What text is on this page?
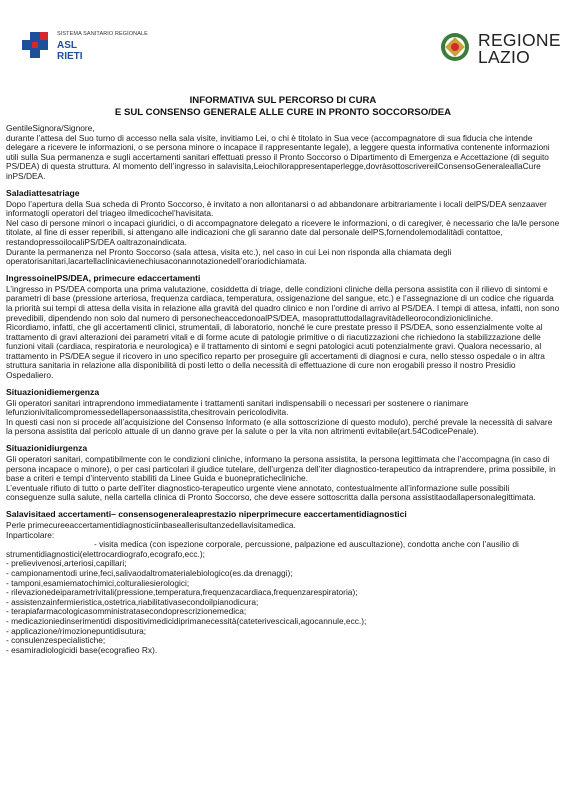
SISTEMA SANITARIO REGIONALE
ASL
RIETI
REGIONE
LAZIO
INFORMATIVA SUL PERCORSO DI CURA
E SUL CONSENSO GENERALE ALLE CURE IN PRONTO SOCCORSO/DEA

GentileSignora/Signore,

durante l’attesa del Suo turno di accesso nella sala visite, invitiamo Lei, o chi è titolato in Sua vece (accompagnatore di sua fiducia che intende delegare a ricevere le informazioni, o se persona minore o incapace il rappresentante legale), a leggere questa informativa contenente informazioni utili sulla Sua permanenza e sugli accertamenti sanitari effettuati presso il Pronto Soccorso o Dipartimento di Emergenza e Accettazione (di seguito PS/DEA) di questa struttura. Al momento dell’ingresso in salavisita,Leiochilorappresentaperlegge,dovràsottoscrivereilConsensoGeneraleallaCure inPS/DEA.

Saladiattesatriage

Dopo l’apertura della Sua scheda di Pronto Soccorso, è invitato a non allontanarsi o ad abbandonare arbitrariamente i locali delPS/DEA senzaaver informatogli operatori del triageo ilmedicochel’havisitata.

Nel caso di persone minori o incapaci giuridici, o di accompagnatore delegato a ricevere le informazioni, o di caregiver, è necessario che la/le persone titolate, al fine di esser reperibili, si attengano alle indicazioni che gli saranno date dal personale delPS,fornendolemodalitàdi contattoe, restandopressoilocaliPS/DEA oaltrazonaindicata.

Durante la permanenza nel Pronto Soccorso (sala attesa, visita etc.), nel caso in cui Lei non risponda alla chiamata degli operatorisanitari,lacartellaclinicavienechiusaconannotazionedell’orariodichiamata.

IngressoinelPS/DEA, primecure edaccertamenti

L’ingresso in PS/DEA comporta una prima valutazione, cosiddetta di triage, delle condizioni cliniche della persona assistita con il rilievo di sintomi e parametri di base (pressione arteriosa, frequenza cardiaca, temperatura, ossigenazione del sangue, etc.) e l’assegnazione di un codice che riguarda la priorità sui tempi di attesa della visita in relazione alla gravità del quadro clinico e non l’ordine di arrivo al PS/DEA. I tempi di attesa, infatti, non sono prevedibili, dipendendo non solo dal numero di personecheaccedonoalPS/DEA, masoprattuttodallagravitàdelleorocondizionicliniche.

Ricordiamo, infatti, che gli accertamenti clinici, strumentali, di laboratorio, nonché le cure prestate presso il PS/DEA, sono essenzialmente volte al trattamento di gravi alterazioni dei parametri vitali e di forme acute di patologie primitive o di riacutizzazioni che richiedono la stabilizzazione delle funzioni vitali (cardiaca, respiratoria e neurologica) e il trattamento di sintomi e segni patologici acuti potenzialmente gravi. Qualora necessario, al trattamento in PS/DEA segue il ricovero in uno specifico reparto per proseguire gli accertamenti di diagnosi e cura, nello stesso ospedale o in altra struttura sanitaria in relazione alla disponibilità di posti letto o della necessità di effettuazione di cure non erogabili presso il nostro Presidio Ospedaliero.

Situazionidiemergenza

Gli operatori sanitari intraprendono immediatamente i trattamenti sanitari indispensabili o necessari per sostenere o rianimare lefunzionivitalicompromessedellapersonaassistita,chesitrovain pericolodivita.

In questi casi non si procede all’acquisizione del Consenso Informato (e alla sottoscrizione di questo modulo), perché prevale la necessità di salvare la persona assistita dal pericolo attuale di un danno grave per la salute o per la vita non altrimenti evitabile(art.54CodicePenale).

Situazionidiurgenza

Gli operatori sanitari, compatibilmente con le condizioni cliniche, informano la persona assistita, la persona legittimata che l’accompagna (in caso di persona incapace o minore), o per casi particolari il giudice tutelare, dell’urgenza dell’iter diagnostico-terapeutico da intraprendere, prima possibile, in base a criteri e tempi d’intervento stabiliti da Linee Guida e buonepratichecliniche.

L’eventuale rifiuto di tutto o parte dell’iter diagnostico-terapeutico urgente viene annotato, contestualmente all’informazione sulle possibili conseguenze sulla salute, nella cartella clinica di Pronto Soccorso, che deve essere sottoscritta dalla persona assistitaodallapersonalegittimata.

Salavisitaed accertamenti– consensogeneraleaprestazio niperprimecure eaccertamentidiagnostici

Perle primecureeaccertamentidiagnosticiinbaseallerisultanzedellavisitamedica.

Inparticolare:

- visita medica (con ispezione corporale, percussione, palpazione ed auscultazione), condotta anche con l’ausilio di

strumentidiagnostici(elettrocardiografo,ecografo,ecc.);

- prelievivenosi,arteriosi,capillari;
- campionamentodi urine,feci,salivaodaltromaterialebiologico(es.da drenaggi);
- tamponi,esamiematochimici,colturaliesierologici;
- rilevazionedeiparametrivitali(pressione,temperatura,frequenzacardiaca,frequenzarespiratoria);
- assistenzainfermieristica,ostetrica,riabilitativasecondoilpianodicura;
- terapiafarmacologicasomministratasecondoprescrizionemedica;
- medicazioniedinserimentidi dispositivimedicidiprimanecessità(cateterivescicali,agocannule,ecc.);
- applicazione/rimozionepuntidisutura;
- consulenzespecialistiche;
- esamiradiologicidi base(ecografieo Rx).
